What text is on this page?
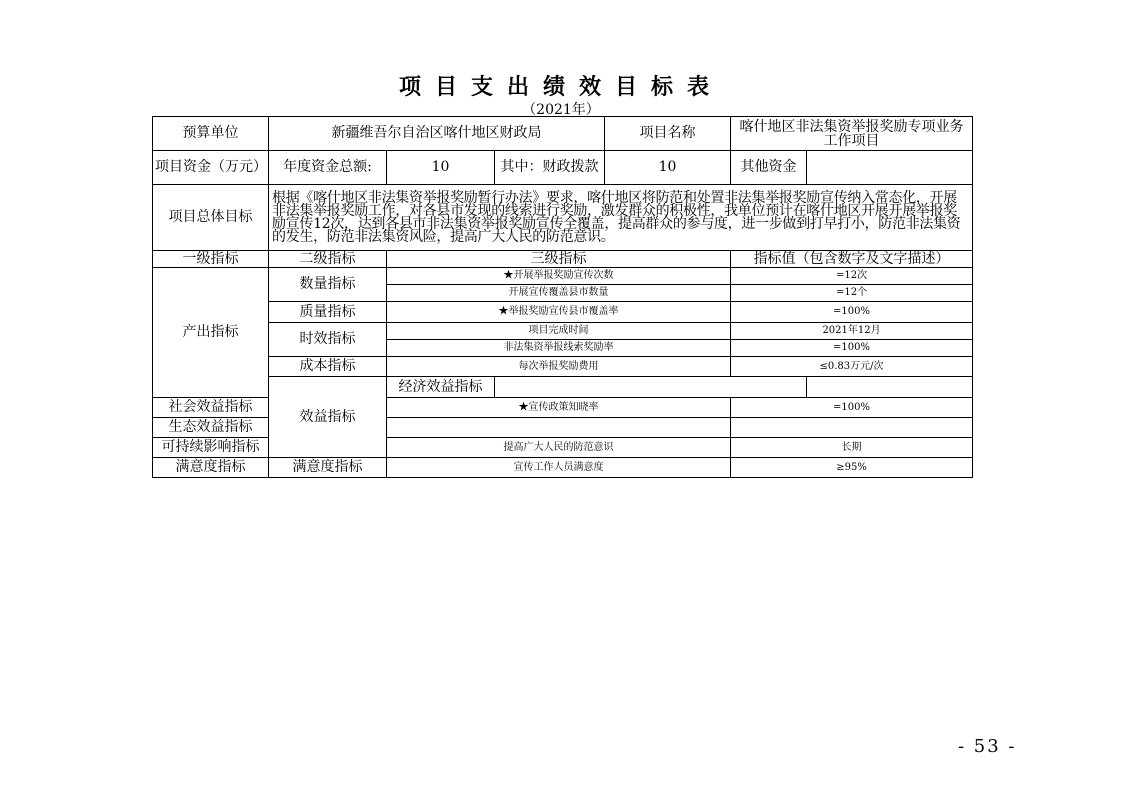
项目支出绩效目标表
（2021年）
预算单位	新疆维吾尔自治区喀什地区财政局			项目名称	喀什地区非法集资举报奖励专项业务工作项目	
项目资金（万元）	年度资金总额:	10	其中：财政拨款	10	其他资金	
项目总体目标	根据《喀什地区非法集资举报奖励暂行办法》要求，喀什地区将防范和处置非法集举报奖励宣传纳入常态化，开展非法集举报奖励工作，对各县市发现的线索进行奖励，激发群众的积极性，我单位预计在喀什地区开展开展举报奖励宣传12次，达到各县市非法集资举报奖励宣传全覆盖，提高群众的参与度，进一步做到打早打小，防范非法集资的发生，防范非法集资风险，提高广大人民的防范意识。					
一级指标	二级指标	三级指标			指标值（包含数字及文字描述）	
产出指标	数量指标	★开展举报奖励宣传次数			=12次	
		开展宣传覆盖县市数量			=12个	
	质量指标	★举报奖励宣传县市覆盖率			=100%	
	时效指标	项目完成时间			2021年12月	
		非法集资举报线索奖励率			=100%	
	成本指标	每次举报奖励费用			≤0.83万元/次	
	效益指标	经济效益指标				
社会效益指标		★宣传政策知晓率			=100%	
生态效益指标						
可持续影响指标		提高广大人民的防范意识			长期	
满意度指标	满意度指标	宣传工作人员满意度			≥95%	
- 53 -
